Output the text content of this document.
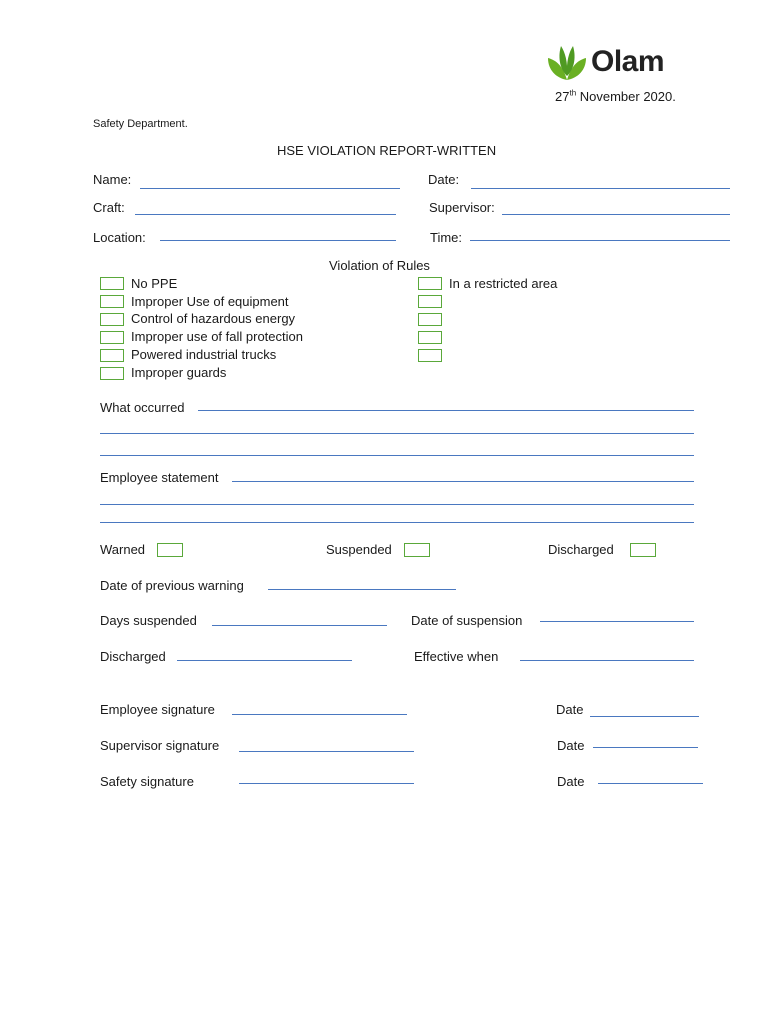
Olam
27th November 2020.
Safety Department.
HSE VIOLATION REPORT-WRITTEN
Name:	Date:
Craft:	Supervisor:
Location:	Time:
Violation of Rules
No PPE
Improper Use of equipment
Control of hazardous energy
Improper use of fall protection
Powered industrial trucks
Improper guards
In a restricted area
What occurred
Employee statement
Warned	Suspended	Discharged
Date of previous warning
Days suspended	Date of suspension
Discharged	Effective when
Employee signature	Date
Supervisor signature	Date
Safety signature	Date
